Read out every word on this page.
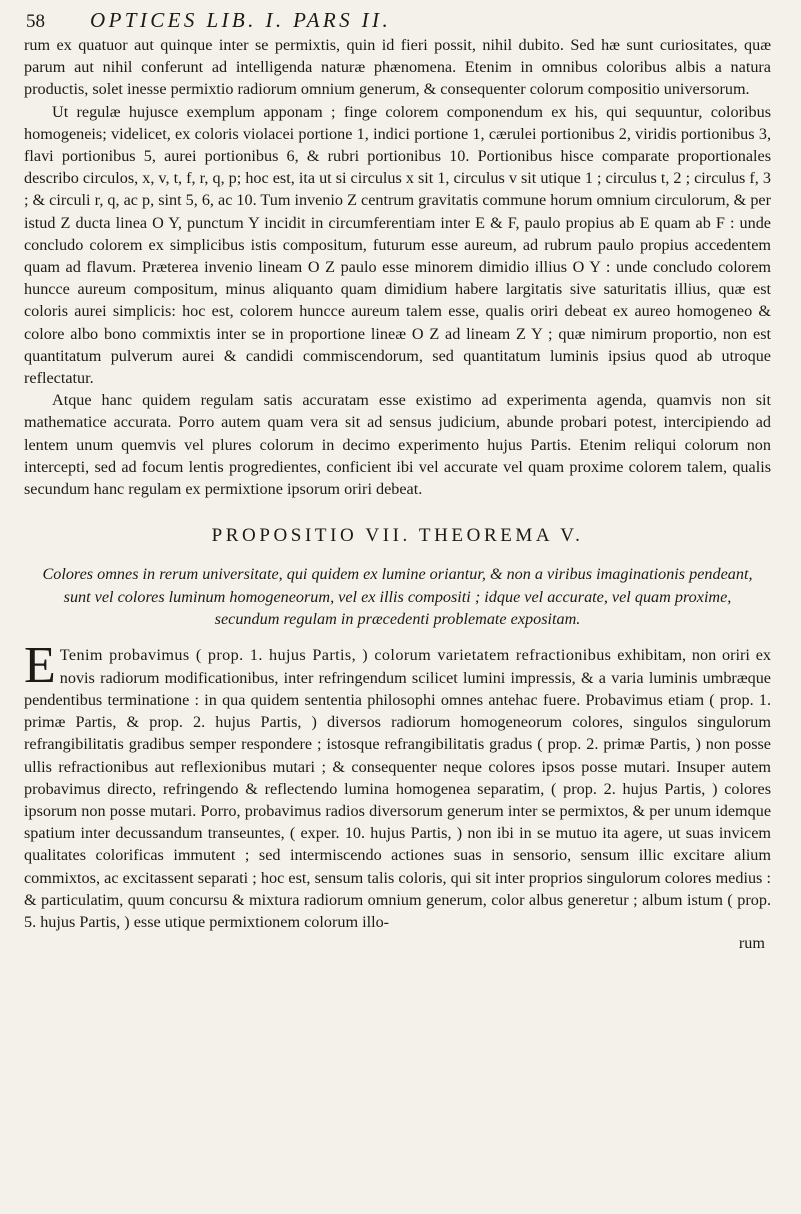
58	OPTICES LIB. I. PARS II.

rum ex quatuor aut quinque inter se permixtis, quin id fieri possit, nihil dubito. Sed hæ sunt curiositates, quæ parum aut nihil conferunt ad intelligenda naturæ phænomena. Etenim in omnibus coloribus albis a natura productis, solet inesse permixtio radiorum omnium generum, & consequenter colorum compositio universorum.

Ut regulæ hujusce exemplum apponam ; finge colorem componendum ex his, qui sequuntur, coloribus homogeneis; videlicet, ex coloris violacei portione 1, indici portione 1, cærulei portionibus 2, viridis portionibus 3, flavi portionibus 5, aurei portionibus 6, & rubri portionibus 10. Portionibus hisce comparate proportionales describo circulos, x, v, t, f, r, q, p; hoc est, ita ut si circulus x sit 1, circulus v sit utique 1 ; circulus t, 2 ; circulus f, 3 ; & circuli r, q, ac p, sint 5, 6, ac 10. Tum invenio Z centrum gravitatis commune horum omnium circulorum, & per istud Z ducta linea O Y, punctum Y incidit in circumferentiam inter E & F, paulo propius ab E quam ab F : unde concludo colorem ex simplicibus istis compositum, futurum esse aureum, ad rubrum paulo propius accedentem quam ad flavum. Præterea invenio lineam O Z paulo esse minorem dimidio illius O Y : unde concludo colorem huncce aureum compositum, minus aliquanto quam dimidium habere largitatis sive saturitatis illius, quæ est coloris aurei simplicis: hoc est, colorem huncce aureum talem esse, qualis oriri debeat ex aureo homogeneo & colore albo bono commixtis inter se in proportione lineæ O Z ad lineam Z Y ; quæ nimirum proportio, non est quantitatum pulverum aurei & candidi commiscendorum, sed quantitatum luminis ipsius quod ab utroque reflectatur.

Atque hanc quidem regulam satis accuratam esse existimo ad experimenta agenda, quamvis non sit mathematice accurata. Porro autem quam vera sit ad sensus judicium, abunde probari potest, intercipiendo ad lentem unum quemvis vel plures colorum in decimo experimento hujus Partis. Etenim reliqui colorum non intercepti, sed ad focum lentis progredientes, conficient ibi vel accurate vel quam proxime colorem talem, qualis secundum hanc regulam ex permixtione ipsorum oriri debeat.

PROPOSITIO VII. THEOREMA V.
Colores omnes in rerum universitate, qui quidem ex lumine oriantur, & non a viribus imaginationis pendeant, sunt vel colores luminum homogeneorum, vel ex illis compositi ; idque vel accurate, vel quam proxime, secundum regulam in præcedenti problemate expositam.

E Tenim probavimus ( prop. 1. hujus Partis, ) colorum varietatem refractionibus exhibitam, non oriri ex novis radiorum modificationibus, inter refringendum scilicet lumini impressis, & a varia luminis umbræque pendentibus terminatione : in qua quidem sententia philosophi omnes antehac fuere. Probavimus etiam ( prop. 1. primæ Partis, & prop. 2. hujus Partis, ) diversos radiorum homogeneorum colores, singulos singulorum refrangibilitatis gradibus semper respondere ; istosque refrangibilitatis gradus ( prop. 2. primæ Partis, ) non posse ullis refractionibus aut reflexionibus mutari ; & consequenter neque colores ipsos posse mutari. Insuper autem probavimus directo, refringendo & reflectendo lumina homogenea separatim, ( prop. 2. hujus Partis, ) colores ipsorum non posse mutari. Porro, probavimus radios diversorum generum inter se permixtos, & per unum idemque spatium inter decussandum transeuntes, ( exper. 10. hujus Partis, ) non ibi in se mutuo ita agere, ut suas invicem qualitates colorificas immutent ; sed intermiscendo actiones suas in sensorio, sensum illic excitare alium commixtos, ac excitassent separati ; hoc est, sensum talis coloris, qui sit inter proprios singulorum colores medius : & particulatim, quum concursu & mixtura radiorum omnium generum, color albus generetur ; album istum ( prop. 5. hujus Partis, ) esse utique permixtionem colorum illo-

rum
